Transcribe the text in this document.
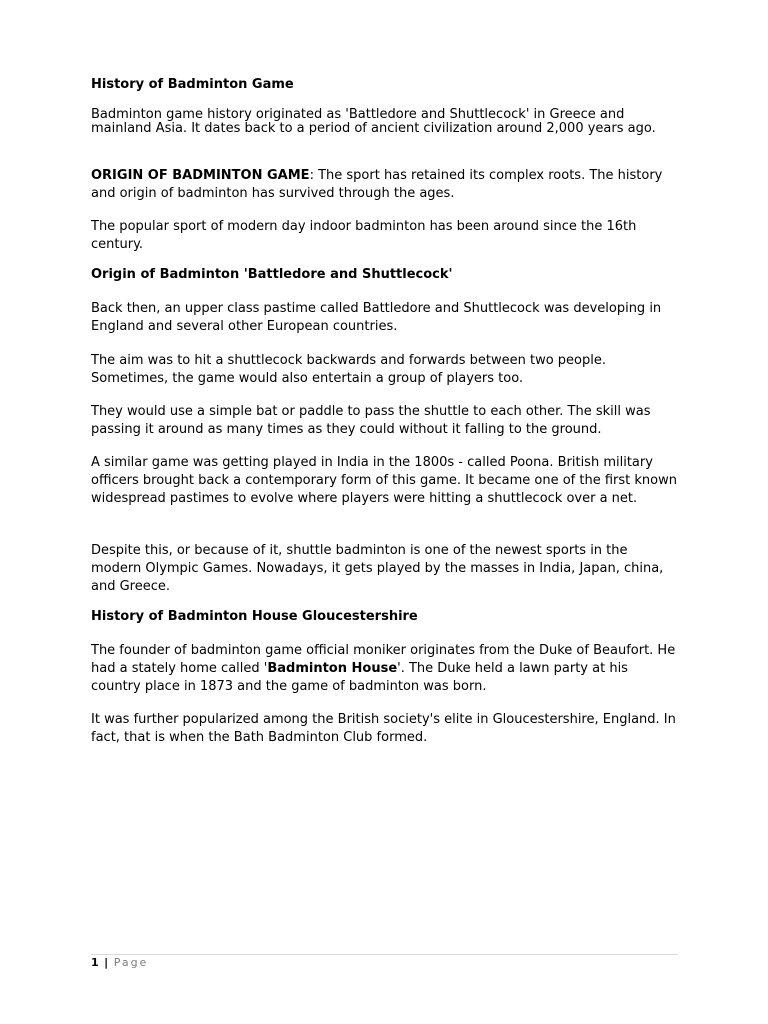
History of Badminton Game

Badminton game history originated as 'Battledore and Shuttlecock' in Greece and mainland Asia. It dates back to a period of ancient civilization around 2,000 years ago.

ORIGIN OF BADMINTON GAME: The sport has retained its complex roots. The history and origin of badminton has survived through the ages.

The popular sport of modern day indoor badminton has been around since the 16th century.

Origin of Badminton 'Battledore and Shuttlecock'

Back then, an upper class pastime called Battledore and Shuttlecock was developing in England and several other European countries.

The aim was to hit a shuttlecock backwards and forwards between two people. Sometimes, the game would also entertain a group of players too.

They would use a simple bat or paddle to pass the shuttle to each other. The skill was passing it around as many times as they could without it falling to the ground.

A similar game was getting played in India in the 1800s - called Poona. British military officers brought back a contemporary form of this game. It became one of the first known widespread pastimes to evolve where players were hitting a shuttlecock over a net.

Despite this, or because of it, shuttle badminton is one of the newest sports in the modern Olympic Games. Nowadays, it gets played by the masses in India, Japan, china, and Greece.

History of Badminton House Gloucestershire

The founder of badminton game official moniker originates from the Duke of Beaufort. He had a stately home called 'Badminton House'. The Duke held a lawn party at his country place in 1873 and the game of badminton was born.

It was further popularized among the British society's elite in Gloucestershire, England. In fact, that is when the Bath Badminton Club formed.

1 | Page
